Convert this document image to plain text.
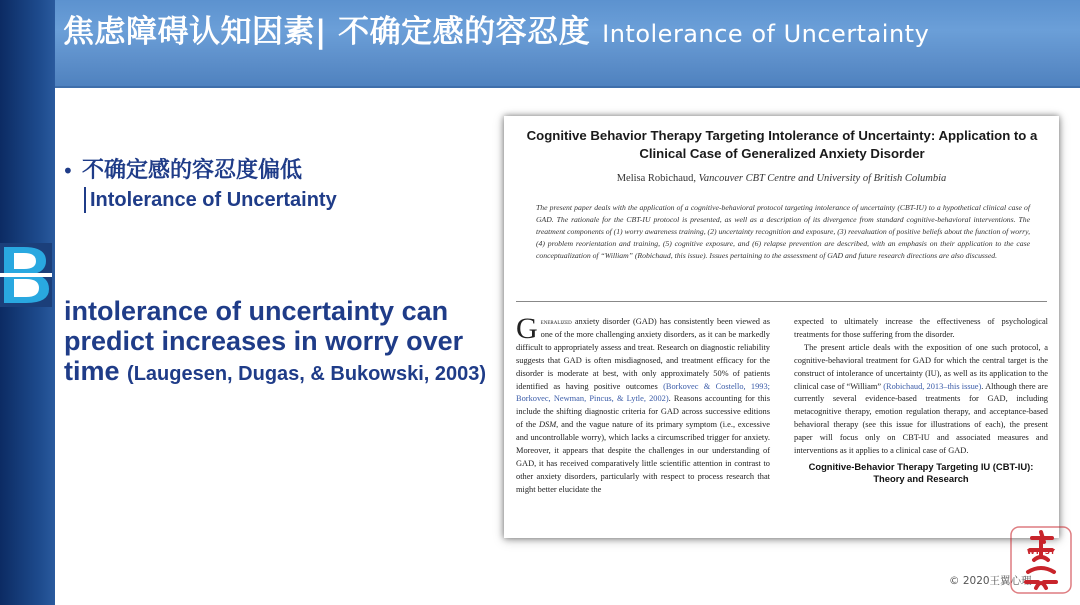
焦虑障碍认知因素| 不确定感的容忍度 Intolerance of Uncertainty
• 不确定感的容忍度偏低
Intolerance of Uncertainty
intolerance of uncertainty can predict increases in worry over time (Laugesen, Dugas, & Bukowski, 2003)
Cognitive Behavior Therapy Targeting Intolerance of Uncertainty: Application to a Clinical Case of Generalized Anxiety Disorder
Melisa Robichaud, Vancouver CBT Centre and University of British Columbia
The present paper deals with the application of a cognitive-behavioral protocol targeting intolerance of uncertainty (CBT-IU) to a hypothetical clinical case of GAD. The rationale for the CBT-IU protocol is presented, as well as a description of its divergence from standard cognitive-behavioral interventions. The treatment components of (1) worry awareness training, (2) uncertainty recognition and exposure, (3) reevaluation of positive beliefs about the function of worry, (4) problem reorientation and training, (5) cognitive exposure, and (6) relapse prevention are described, with an emphasis on their application to the case conceptualization of “William” (Robichaud, this issue). Issues pertaining to the assessment of GAD and future research directions are also discussed.
Generalized anxiety disorder (GAD) has consistently been viewed as one of the more challenging anxiety disorders, as it can be markedly difficult to appropriately assess and treat. Research on diagnostic reliability suggests that GAD is often misdiagnosed, and treatment efficacy for the disorder is moderate at best, with only approximately 50% of patients identified as having positive outcomes (Borkovec & Costello, 1993; Borkovec, Newman, Pincus, & Lytle, 2002). Reasons accounting for this include the shifting diagnostic criteria for GAD across successive editions of the DSM, and the vague nature of its primary symptom (i.e., excessive and uncontrollable worry), which lacks a circumscribed trigger for anxiety. Moreover, it appears that despite the challenges in our understanding of GAD, it has received comparatively little scientific attention in contrast to other anxiety disorders, particularly with respect to process research that might better elucidate the
expected to ultimately increase the effectiveness of psychological treatments for those suffering from the disorder.
The present article deals with the exposition of one such protocol, a cognitive-behavioral treatment for GAD for which the central target is the construct of intolerance of uncertainty (IU), as well as its application to the clinical case of “William” (Robichaud, 2013–this issue). Although there are currently several evidence-based treatments for GAD, including metacognitive therapy, emotion regulation therapy, and acceptance-based behavioral therapy (see this issue for illustrations of each), the present paper will focus only on CBT-IU and associated measures and interventions as it applies to a clinical case of GAD.
Cognitive-Behavior Therapy Targeting IU (CBT-IU): Theory and Research
© 2020王翼心理
WYPSY
